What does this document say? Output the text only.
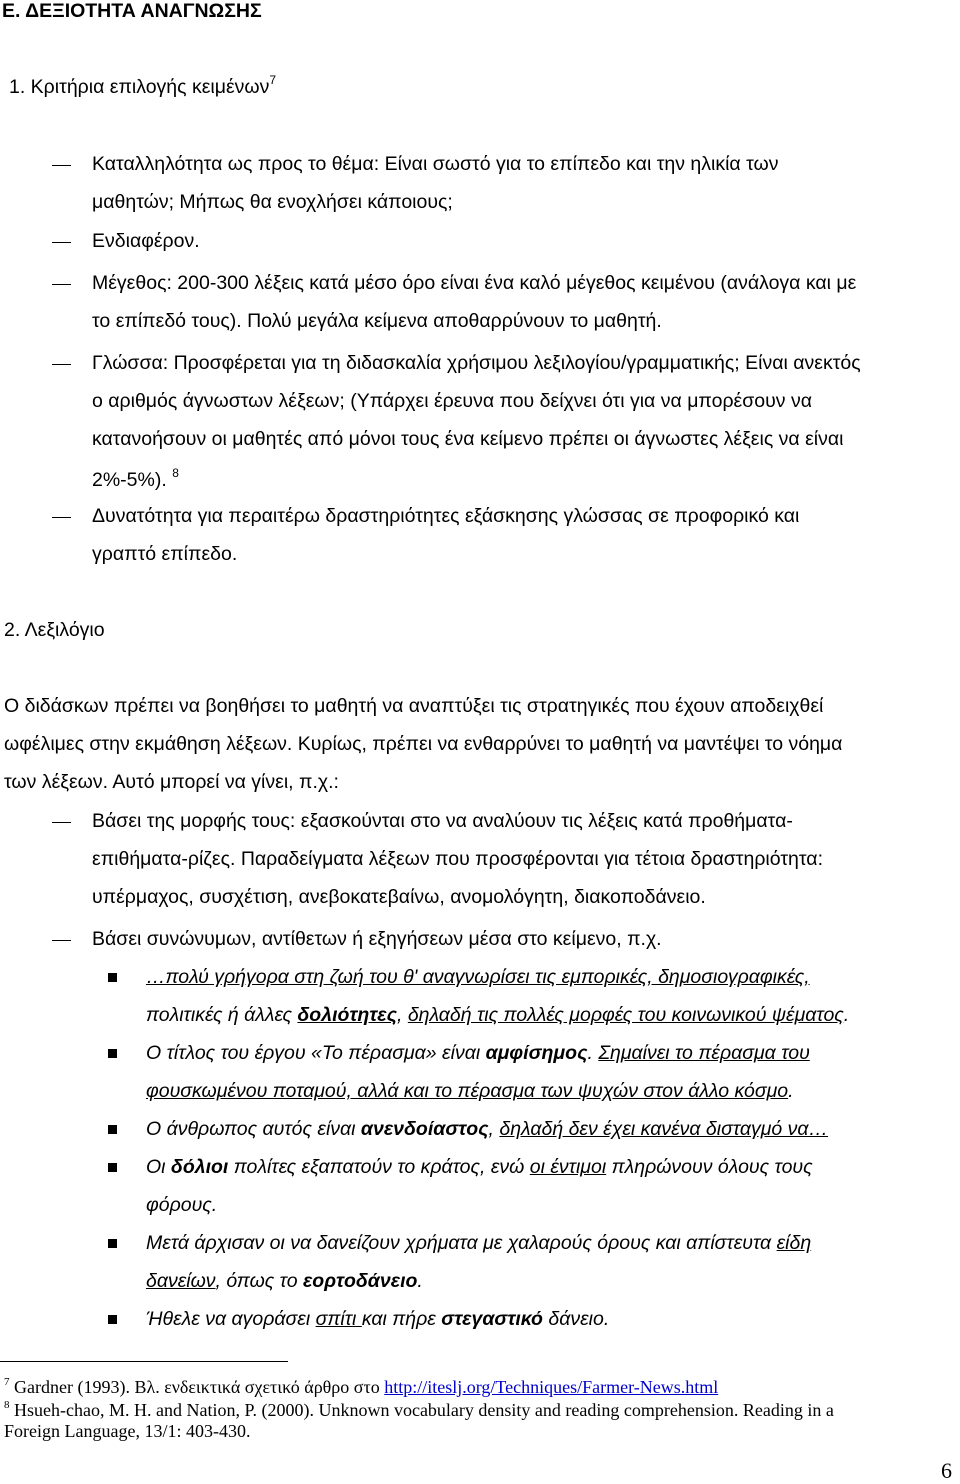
Ε. ΔΕΞΙΟΤΗΤΑ ΑΝΑΓΝΩΣΗΣ
1. Κριτήρια επιλογής κειμένων$^7$
Καταλληλότητα ως προς το θέμα: Είναι σωστό για το επίπεδο και την ηλικία των
μαθητών; Μήπως θα ενοχλήσει κάποιους;
Ενδιαφέρον.
Μέγεθος: 200-300 λέξεις κατά μέσο όρο είναι ένα καλό μέγεθος κειμένου (ανάλογα και με
το επίπεδό τους). Πολύ μεγάλα κείμενα αποθαρρύνουν το μαθητή.
Γλώσσα: Προσφέρεται για τη διδασκαλία χρήσιμου λεξιλογίου/γραμματικής; Είναι ανεκτός
ο αριθμός άγνωστων λέξεων; (Υπάρχει έρευνα που δείχνει ότι για να μπορέσουν να
κατανοήσουν οι μαθητές από μόνοι τους ένα κείμενο πρέπει οι άγνωστες λέξεις να είναι
2%-5%). $^8$
Δυνατότητα για περαιτέρω δραστηριότητες εξάσκησης γλώσσας σε προφορικό και
γραπτό επίπεδο.
2. Λεξιλόγιο
Ο διδάσκων πρέπει να βοηθήσει το μαθητή να αναπτύξει τις στρατηγικές που έχουν αποδειχθεί
ωφέλιμες στην εκμάθηση λέξεων. Κυρίως, πρέπει να ενθαρρύνει το μαθητή να μαντέψει το νόημα
των λέξεων. Αυτό μπορεί να γίνει, π.χ.:
Βάσει της μορφής τους: εξασκούνται στο να αναλύουν τις λέξεις κατά προθήματα-
επιθήματα-ρίζες. Παραδείγματα λέξεων που προσφέρονται για τέτοια δραστηριότητα:
υπέρμαχος, συσχέτιση, ανεβοκατεβαίνω, ανομολόγητη, διακοποδάνειο.
Βάσει συνώνυμων, αντίθετων ή εξηγήσεων μέσα στο κείμενο, π.χ.
…πολύ γρήγορα στη ζωή του θ' αναγνωρίσει τις εμπορικές, δημοσιογραφικές,
πολιτικές ή άλλες δολιότητες, δηλαδή τις πολλές μορφές του κοινωνικού ψέματος.
Ο τίτλος του έργου «Το πέρασμα» είναι αμφίσημος. Σημαίνει το πέρασμα του
φουσκωμένου ποταμού, αλλά και το πέρασμα των ψυχών στον άλλο κόσμο.
Ο άνθρωπος αυτός είναι ανενδοίαστος, δηλαδή δεν έχει κανένα δισταγμό να…
Οι δόλιοι πολίτες εξαπατούν το κράτος, ενώ οι έντιμοι πληρώνουν όλους τους
φόρους.
Μετά άρχισαν οι να δανείζουν χρήματα με χαλαρούς όρους και απίστευτα είδη
δανείων, όπως το εορτοδάνειο.
Ήθελε να αγοράσει σπίτι και πήρε στεγαστικό δάνειο.
$^7$ Gardner (1993). Βλ. ενδεικτικά σχετικό άρθρο στο http://iteslj.org/Techniques/Farmer-News.html
$^8$ Hsueh-chao, M. H. and Nation, P. (2000). Unknown vocabulary density and reading comprehension. Reading in a
Foreign Language, 13/1: 403-430.
6
